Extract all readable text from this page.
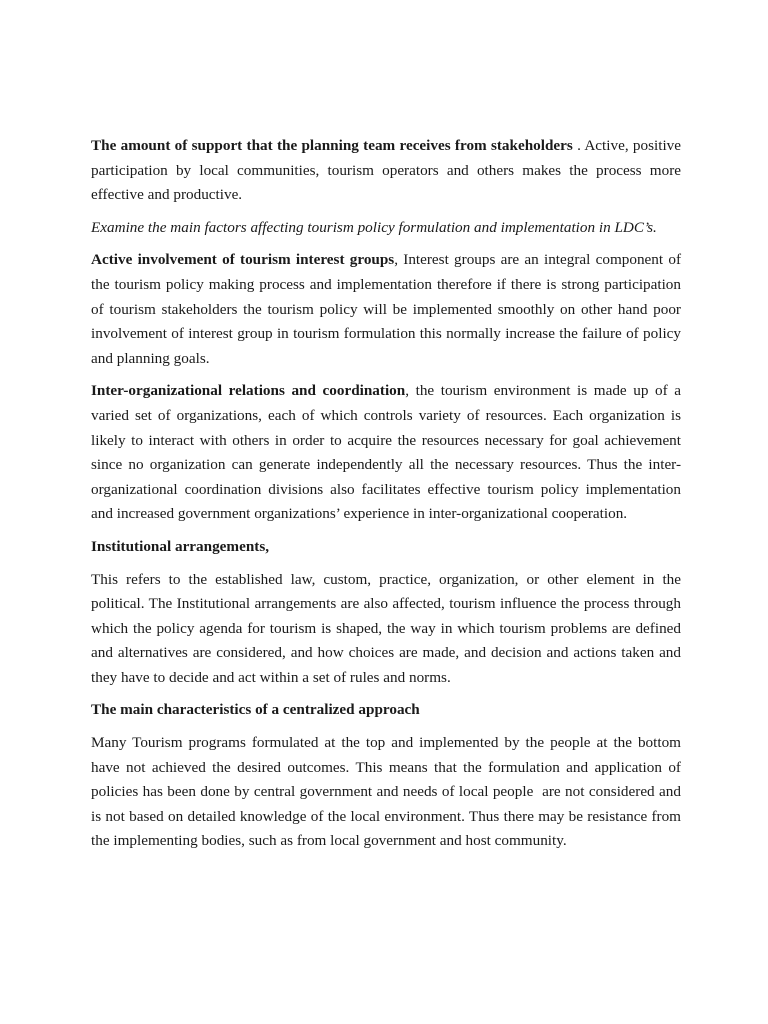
The amount of support that the planning team receives from stakeholders . Active, positive participation by local communities, tourism operators and others makes the process more effective and productive.

Examine the main factors affecting tourism policy formulation and implementation in LDC’s.

Active involvement of tourism interest groups, Interest groups are an integral component of the tourism policy making process and implementation therefore if there is strong participation of tourism stakeholders the tourism policy will be implemented smoothly on other hand poor involvement of interest group in tourism formulation this normally increase the failure of policy and planning goals.

Inter-organizational relations and coordination, the tourism environment is made up of a varied set of organizations, each of which controls variety of resources. Each organization is likely to interact with others in order to acquire the resources necessary for goal achievement since no organization can generate independently all the necessary resources. Thus the inter-organizational coordination divisions also facilitates effective tourism policy implementation and increased government organizations’ experience in inter-organizational cooperation.

Institutional arrangements,

This refers to the established law, custom, practice, organization, or other element in the political. The Institutional arrangements are also affected, tourism influence the process through which the policy agenda for tourism is shaped, the way in which tourism problems are defined and alternatives are considered, and how choices are made, and decision and actions taken and they have to decide and act within a set of rules and norms.

The main characteristics of a centralized approach

Many Tourism programs formulated at the top and implemented by the people at the bottom have not achieved the desired outcomes. This means that the formulation and application of policies has been done by central government and needs of local people  are not considered and is not based on detailed knowledge of the local environment. Thus there may be resistance from the implementing bodies, such as from local government and host community.
